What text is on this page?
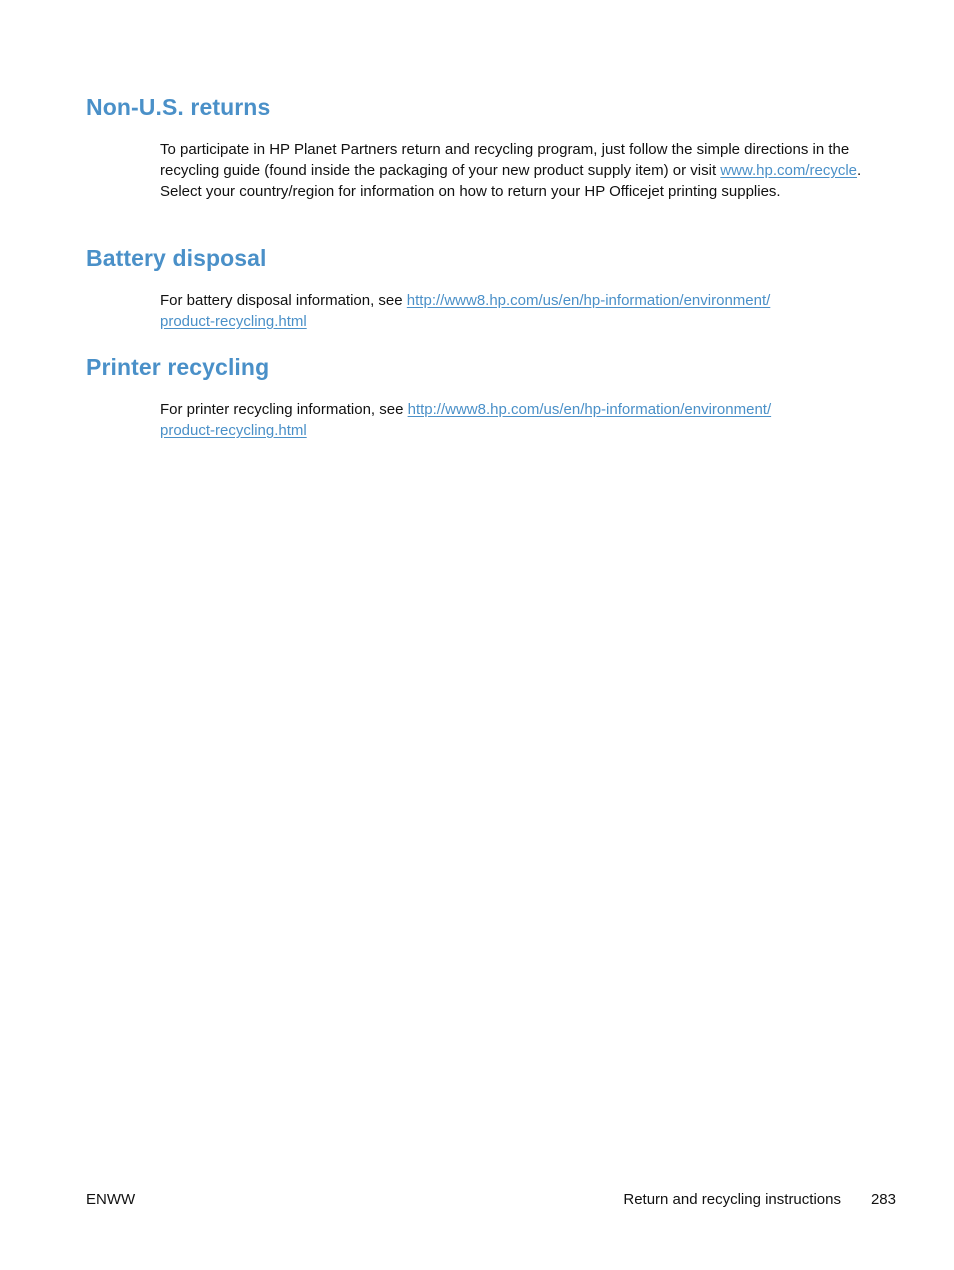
Non-U.S. returns

To participate in HP Planet Partners return and recycling program, just follow the simple directions in the recycling guide (found inside the packaging of your new product supply item) or visit www.hp.com/recycle. Select your country/region for information on how to return your HP Officejet printing supplies.

Battery disposal

For battery disposal information, see http://www8.hp.com/us/en/hp-information/environment/
product-recycling.html

Printer recycling

For printer recycling information, see http://www8.hp.com/us/en/hp-information/environment/
product-recycling.html

ENWW	Return and recycling instructions 283
